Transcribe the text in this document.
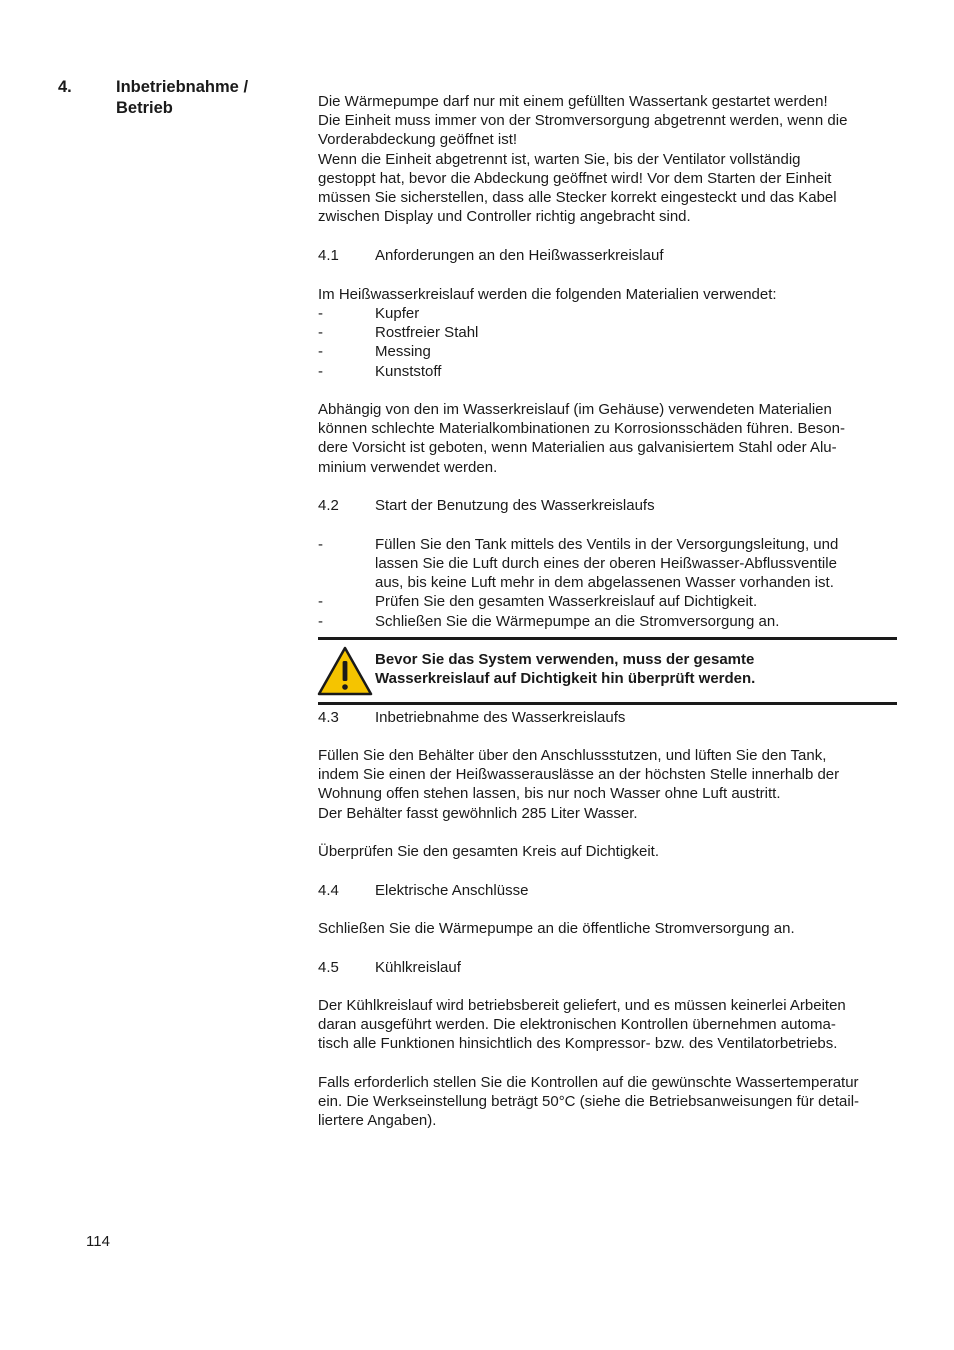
4.	Inbetriebnahme /
Betrieb	Die Wärmepumpe darf nur mit einem gefüllten Wassertank gestartet werden!
Die Einheit muss immer von der Stromversorgung abgetrennt werden, wenn die
Vorderabdeckung geöffnet ist!
Wenn die Einheit abgetrennt ist, warten Sie, bis der Ventilator vollständig
gestoppt hat, bevor die Abdeckung geöffnet wird! Vor dem Starten der Einheit
müssen Sie sicherstellen, dass alle Stecker korrekt eingesteckt und das Kabel
zwischen Display und Controller richtig angebracht sind.
4.1 Anforderungen an den Heißwasserkreislauf
Im Heißwasserkreislauf werden die folgenden Materialien verwendet:
-	Kupfer
-	Rostfreier Stahl
-	Messing
-	Kunststoff
Abhängig von den im Wasserkreislauf (im Gehäuse) verwendeten Materialien
können schlechte Materialkombinationen zu Korrosionsschäden führen. Beson-
dere Vorsicht ist geboten, wenn Materialien aus galvanisiertem Stahl oder Alu-
minium verwendet werden.
4.2 Start der Benutzung des Wasserkreislaufs
-	Füllen Sie den Tank mittels des Ventils in der Versorgungsleitung, und
lassen Sie die Luft durch eines der oberen Heißwasser-Abflussventile
aus, bis keine Luft mehr in dem abgelassenen Wasser vorhanden ist.
-	Prüfen Sie den gesamten Wasserkreislauf auf Dichtigkeit.
-	Schließen Sie die Wärmepumpe an die Stromversorgung an.
Bevor Sie das System verwenden, muss der gesamte
Wasserkreislauf auf Dichtigkeit hin überprüft werden.
4.3 Inbetriebnahme des Wasserkreislaufs
Füllen Sie den Behälter über den Anschlussstutzen, und lüften Sie den Tank,
indem Sie einen der Heißwasserauslässe an der höchsten Stelle innerhalb der
Wohnung offen stehen lassen, bis nur noch Wasser ohne Luft austritt.
Der Behälter fasst gewöhnlich 285 Liter Wasser.
Überprüfen Sie den gesamten Kreis auf Dichtigkeit.
4.4 Elektrische Anschlüsse
Schließen Sie die Wärmepumpe an die öffentliche Stromversorgung an.
4.5 Kühlkreislauf
Der Kühlkreislauf wird betriebsbereit geliefert, und es müssen keinerlei Arbeiten
daran ausgeführt werden. Die elektronischen Kontrollen übernehmen automa-
tisch alle Funktionen hinsichtlich des Kompressor- bzw. des Ventilatorbetriebs.
Falls erforderlich stellen Sie die Kontrollen auf die gewünschte Wassertemperatur
ein. Die Werkseinstellung beträgt 50°C (siehe die Betriebsanweisungen für detail-
liertere Angaben).
114
